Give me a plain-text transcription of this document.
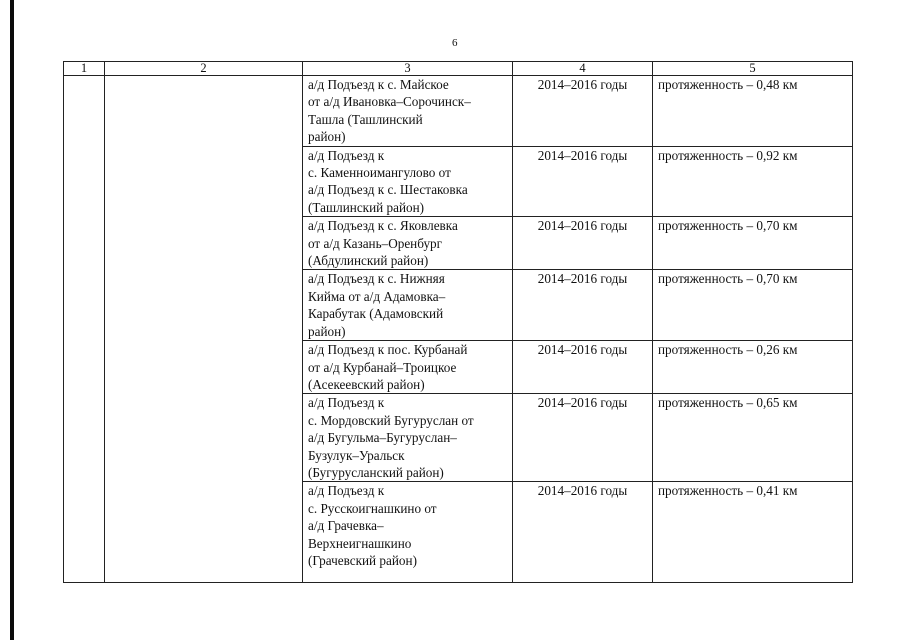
6
1	2	3	4	5

		а/д Подъезд к с. Майское
от а/д Ивановка–Сорочинск–
Ташла (Ташлинский
район)	2014–2016 годы	протяженность – 0,48 км

		а/д Подъезд к
с. Каменноимангулово от
а/д Подъезд к с. Шестаковка
(Ташлинский район)	2014–2016 годы	протяженность – 0,92 км

		а/д Подъезд к с. Яковлевка
от а/д Казань–Оренбург
(Абдулинский район)	2014–2016 годы	протяженность – 0,70 км

		а/д Подъезд к с. Нижняя
Кийма от а/д Адамовка–
Карабутак (Адамовский
район)	2014–2016 годы	протяженность – 0,70 км

		а/д Подъезд к пос. Курбанай
от а/д Курбанай–Троицкое
(Асекеевский район)	2014–2016 годы	протяженность – 0,26 км

		а/д Подъезд к
с. Мордовский Бугуруслан от
а/д Бугульма–Бугуруслан–
Бузулук–Уральск
(Бугурусланский район)	2014–2016 годы	протяженность – 0,65 км

		а/д Подъезд к
с. Русскоигнашкино от
а/д Грачевка–
Верхнеигнашкино
(Грачевский район)	2014–2016 годы	протяженность – 0,41 км
